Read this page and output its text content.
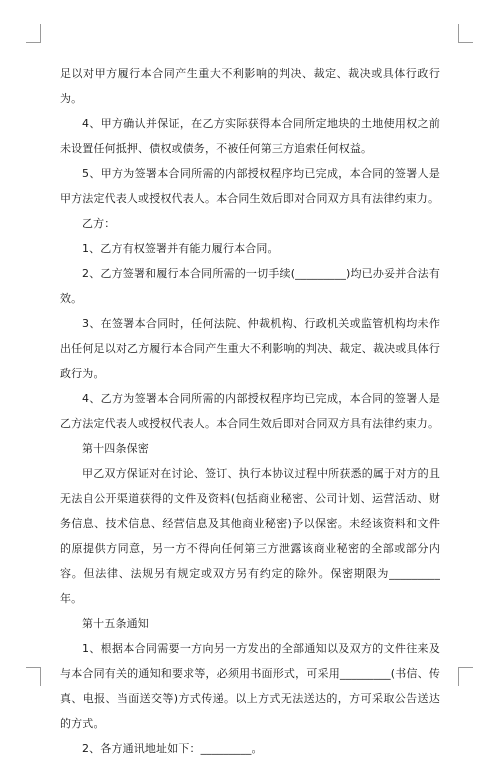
足以对甲方履行本合同产生重大不利影响的判决、裁定、裁决或具体行政行为。

4、甲方确认并保证，在乙方实际获得本合同所定地块的土地使用权之前未设置任何抵押、债权或债务，不被任何第三方追索任何权益。

5、甲方为签署本合同所需的内部授权程序均已完成，本合同的签署人是甲方法定代表人或授权代表人。本合同生效后即对合同双方具有法律约束力。

乙方：

1、乙方有权签署并有能力履行本合同。

2、乙方签署和履行本合同所需的一切手续(_________)均已办妥并合法有效。

3、在签署本合同时，任何法院、仲裁机构、行政机关或监管机构均未作出任何足以对乙方履行本合同产生重大不利影响的判决、裁定、裁决或具体行政行为。

4、乙方为签署本合同所需的内部授权程序均已完成，本合同的签署人是乙方法定代表人或授权代表人。本合同生效后即对合同双方具有法律约束力。

第十四条保密

甲乙双方保证对在讨论、签订、执行本协议过程中所获悉的属于对方的且无法自公开渠道获得的文件及资料(包括商业秘密、公司计划、运营活动、财务信息、技术信息、经营信息及其他商业秘密)予以保密。未经该资料和文件的原提供方同意，另一方不得向任何第三方泄露该商业秘密的全部或部分内容。但法律、法规另有规定或双方另有约定的除外。保密期限为_________年。

第十五条通知

1、根据本合同需要一方向另一方发出的全部通知以及双方的文件往来及与本合同有关的通知和要求等，必须用书面形式，可采用_________(书信、传真、电报、当面送交等)方式传递。以上方式无法送达的，方可采取公告送达的方式。

2、各方通讯地址如下：_________。
